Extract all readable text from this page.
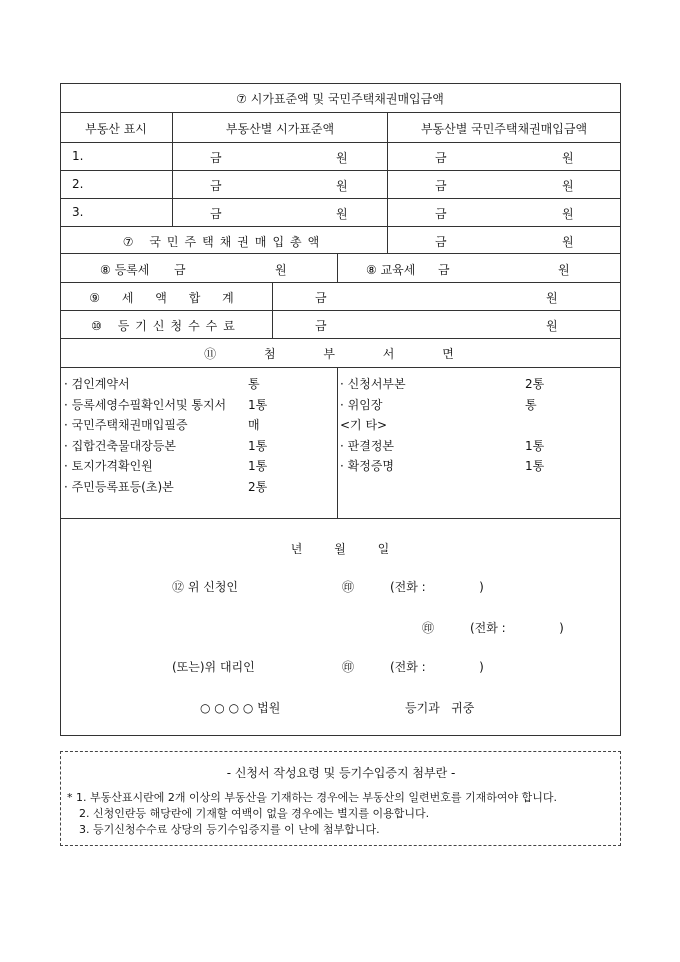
⑦ 시가표준액 및 국민주택채권매입금액
부동산 표시	부동산별 시가표준액	부동산별 국민주택채권매입금액
1.	금	원	금	원
2.	금	원	금	원
3.	금	원	금	원
⑦ 국민주택채권매입총액	금	원
⑧ 등록세 금	원	⑧ 교육세 금	원
⑨ 세 액 합 계	금	원
⑩ 등기신청수수료	금	원
⑪ 첨 부 서 면
· 검인계약서	통
· 등록세영수필확인서및 통지서 1통
· 국민주택채권매입필증	매
· 집합건축물대장등본	1통
· 토지가격확인원	1통
· 주민등록표등(초)본	2통
· 신청서부본	2통
· 위임장	통
<기 타>
· 판결정본	1통
· 확정증명	1통
년 월 일
⑫ 위 신청인	㊞	(전화 :              )
㊞	(전화 :              )
(또는)위 대리인	㊞	(전화 :              )
○ ○ ○ ○ 법원	등기과   귀중
- 신청서 작성요령 및 등기수입증지 첨부란 -
* 1. 부동산표시란에 2개 이상의 부동산을 기재하는 경우에는 부동산의 일련번호를 기재하여야 합니다.
2. 신청인란등 해당란에 기재할 여백이 없을 경우에는 별지를 이용합니다.
3. 등기신청수수료 상당의 등기수입증지를 이 난에 첨부합니다.
